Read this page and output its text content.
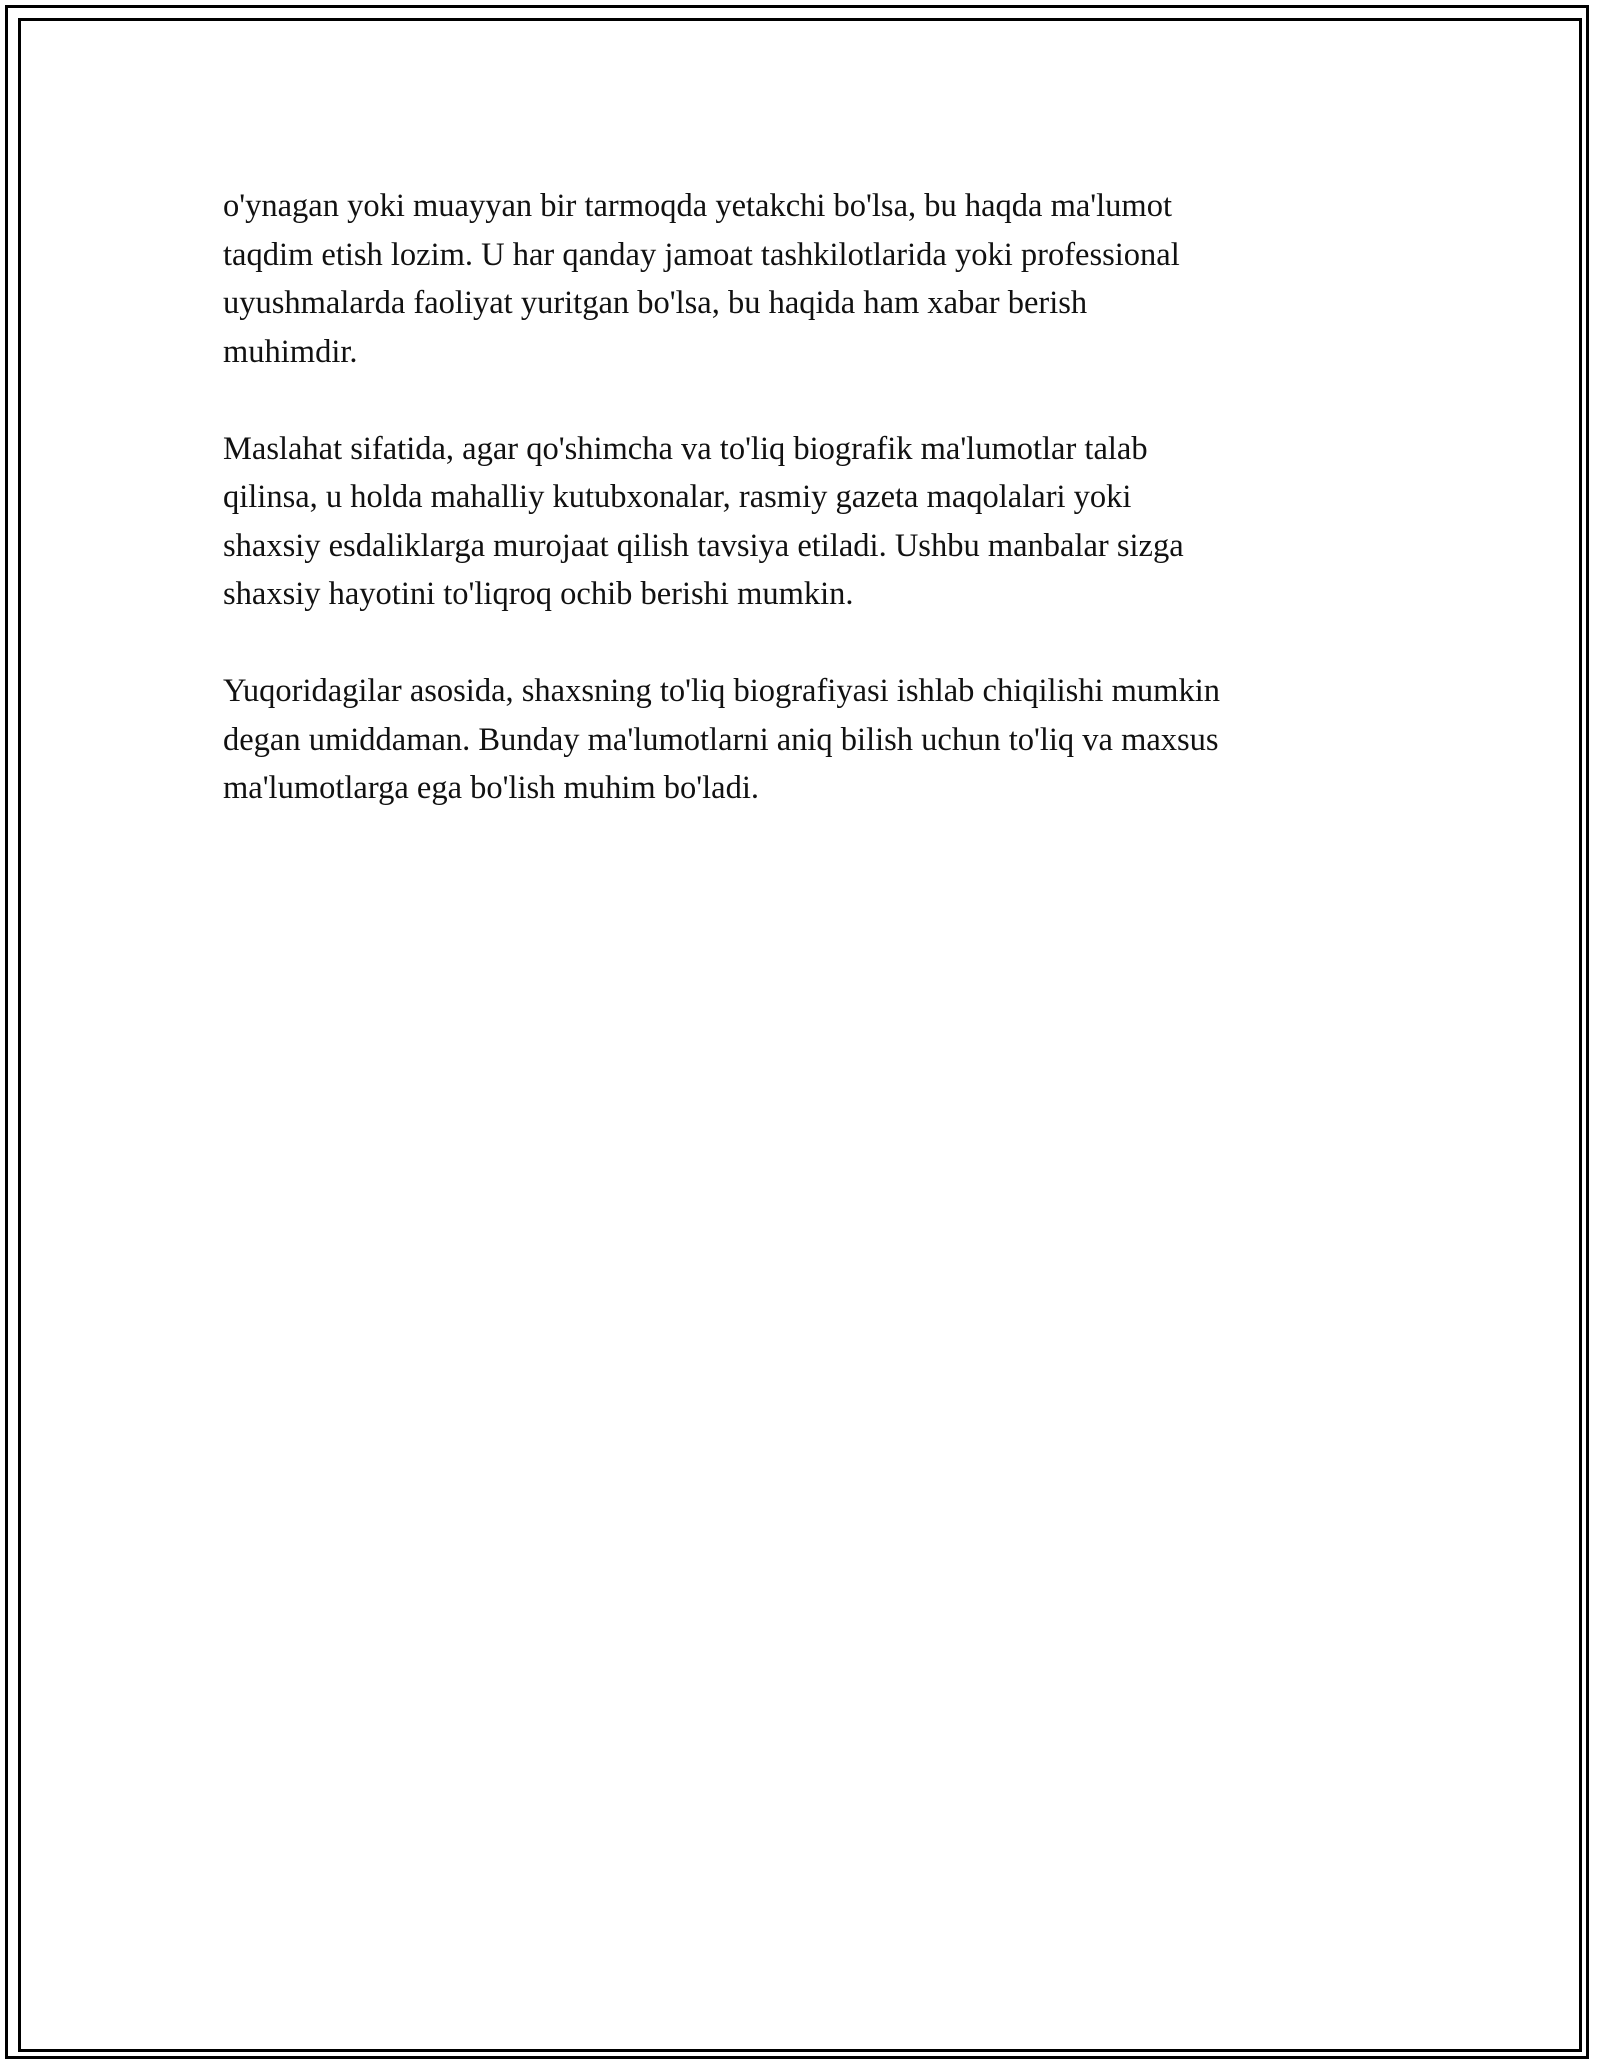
o'ynagan yoki muayyan bir tarmoqda yetakchi bo'lsa, bu haqda ma'lumot
taqdim etish lozim. U har qanday jamoat tashkilotlarida yoki professional
uyushmalarda faoliyat yuritgan bo'lsa, bu haqida ham xabar berish
muhimdir.

Maslahat sifatida, agar qo'shimcha va to'liq biografik ma'lumotlar talab
qilinsa, u holda mahalliy kutubxonalar, rasmiy gazeta maqolalari yoki
shaxsiy esdaliklarga murojaat qilish tavsiya etiladi. Ushbu manbalar sizga
shaxsiy hayotini to'liqroq ochib berishi mumkin.

Yuqoridagilar asosida, shaxsning to'liq biografiyasi ishlab chiqilishi mumkin
degan umiddaman. Bunday ma'lumotlarni aniq bilish uchun to'liq va maxsus
ma'lumotlarga ega bo'lish muhim bo'ladi.
